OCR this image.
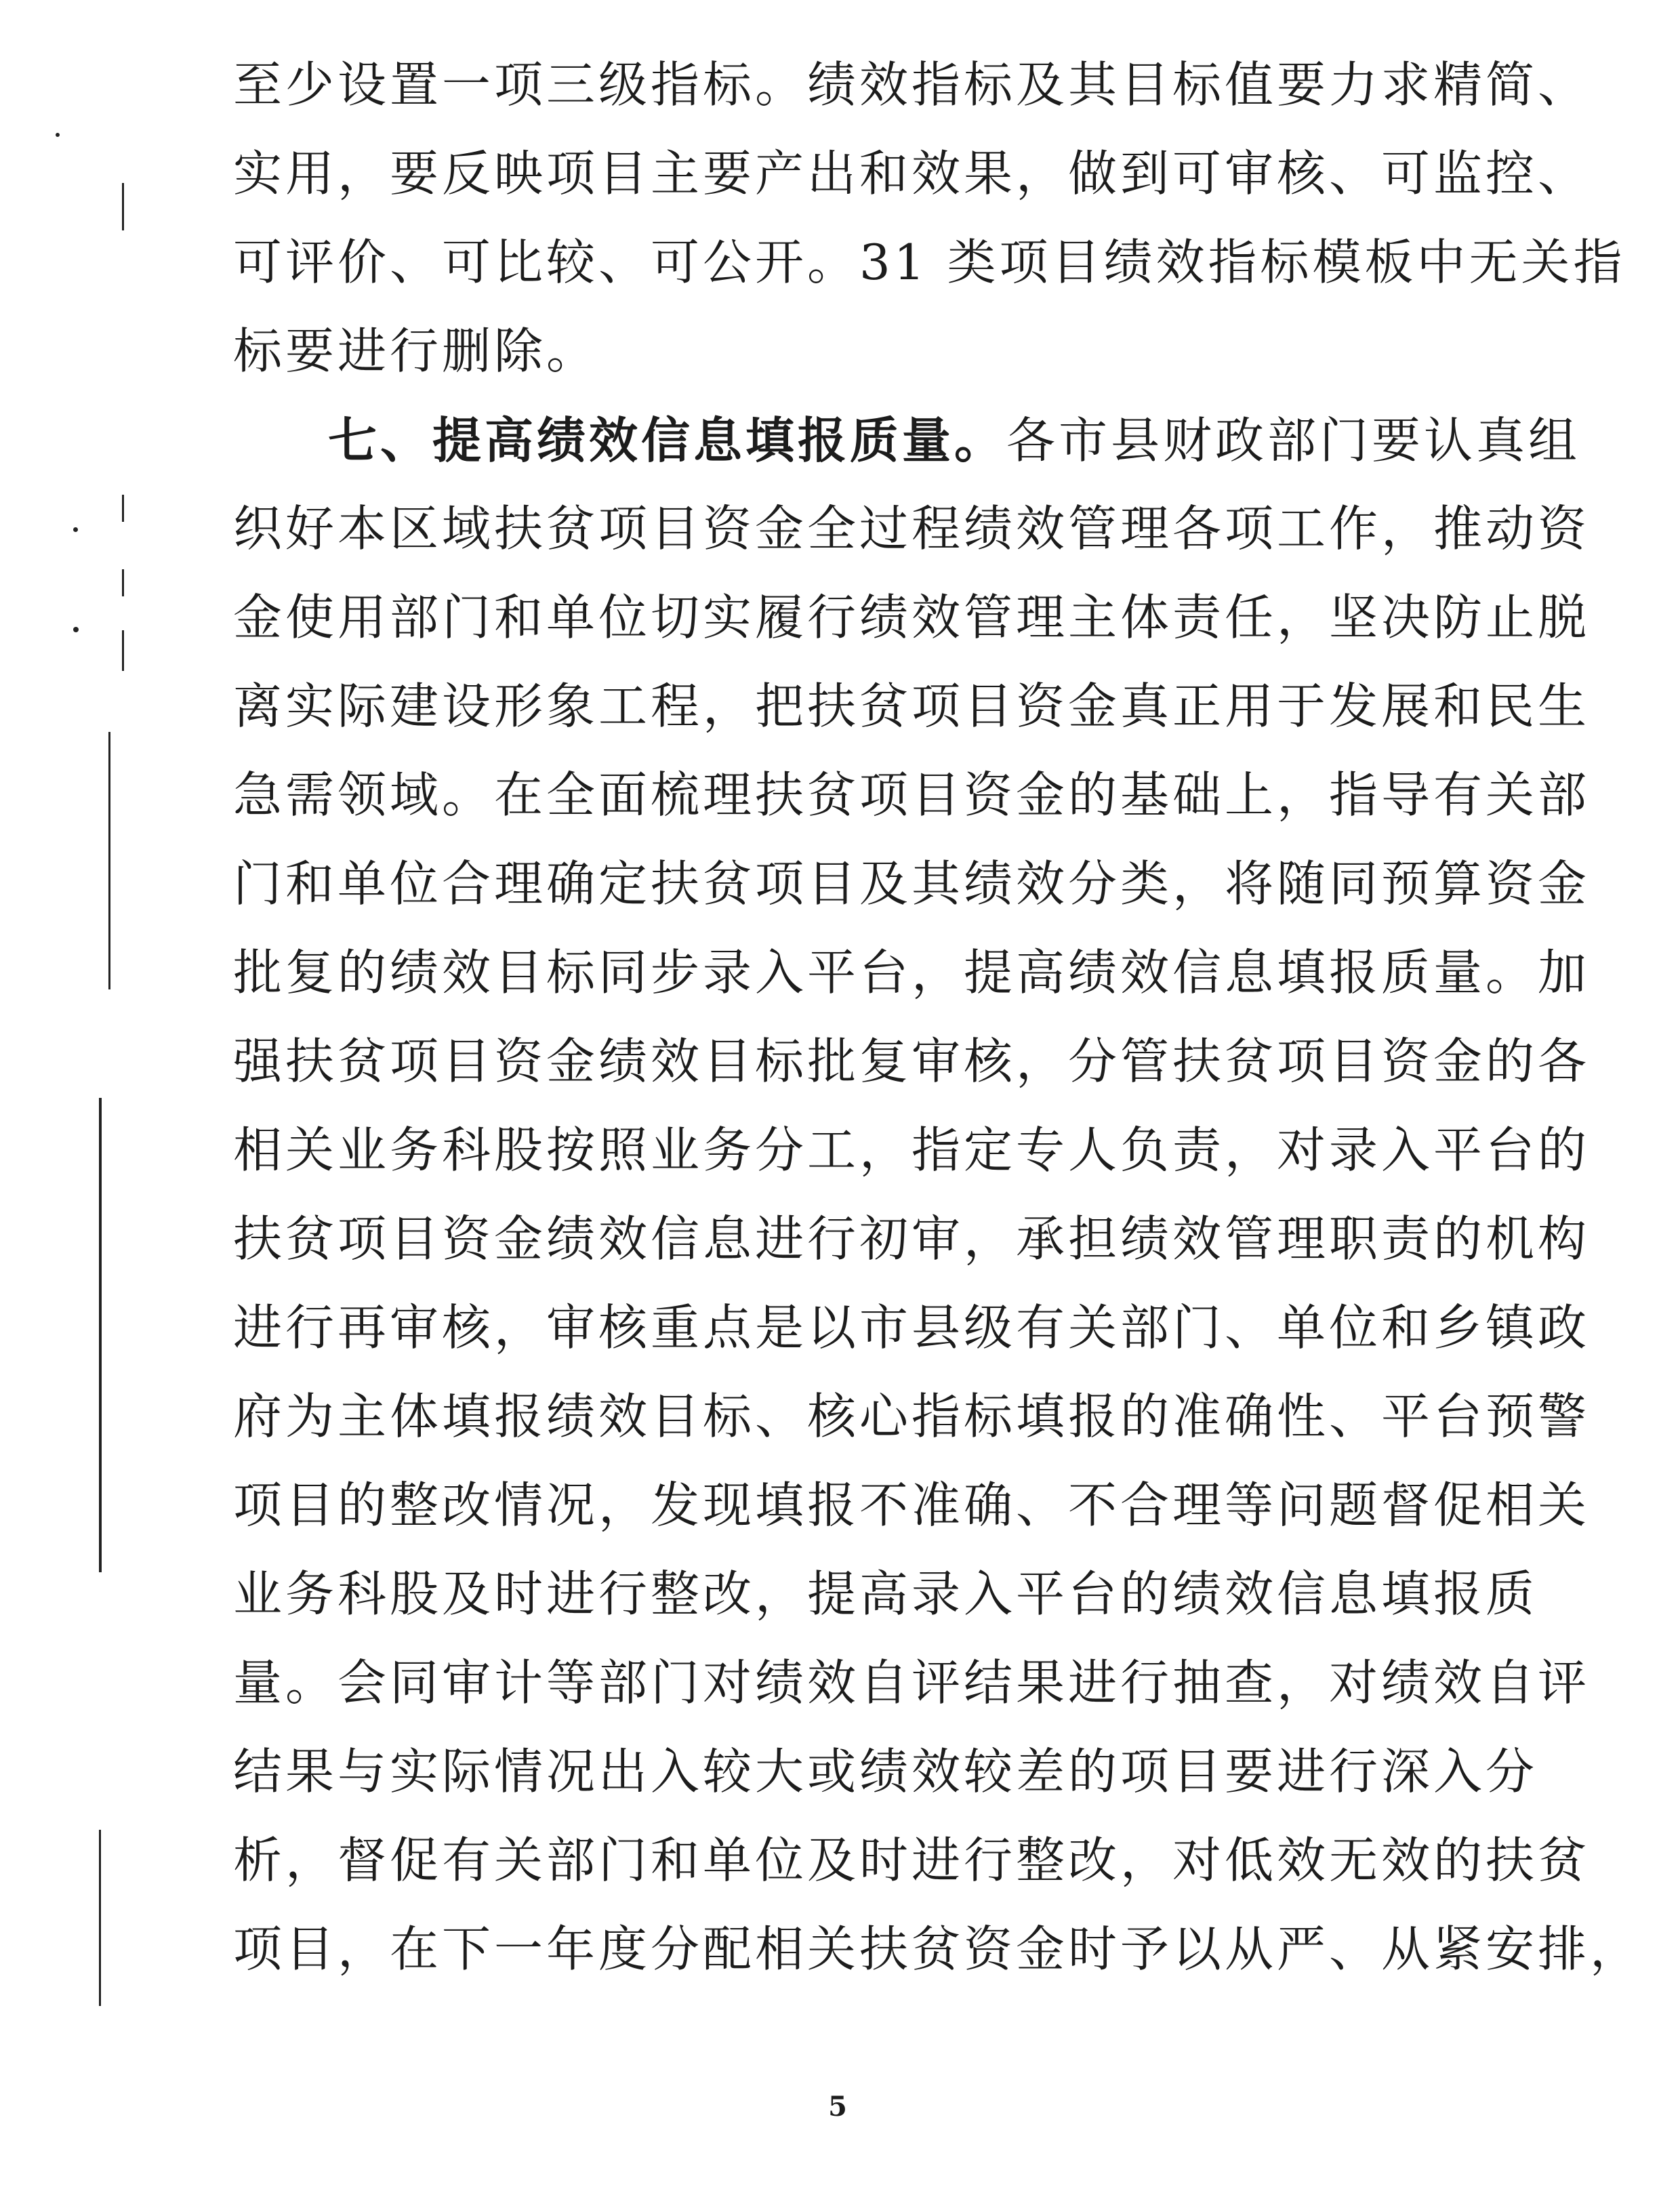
至少设置一项三级指标。绩效指标及其目标值要力求精简、
实用，要反映项目主要产出和效果，做到可审核、可监控、
可评价、可比较、可公开。31 类项目绩效指标模板中无关指
标要进行删除。
七、提高绩效信息填报质量。各市县财政部门要认真组
织好本区域扶贫项目资金全过程绩效管理各项工作，推动资
金使用部门和单位切实履行绩效管理主体责任，坚决防止脱
离实际建设形象工程，把扶贫项目资金真正用于发展和民生
急需领域。在全面梳理扶贫项目资金的基础上，指导有关部
门和单位合理确定扶贫项目及其绩效分类，将随同预算资金
批复的绩效目标同步录入平台，提高绩效信息填报质量。加
强扶贫项目资金绩效目标批复审核，分管扶贫项目资金的各
相关业务科股按照业务分工，指定专人负责，对录入平台的
扶贫项目资金绩效信息进行初审，承担绩效管理职责的机构
进行再审核，审核重点是以市县级有关部门、单位和乡镇政
府为主体填报绩效目标、核心指标填报的准确性、平台预警
项目的整改情况，发现填报不准确、不合理等问题督促相关
业务科股及时进行整改，提高录入平台的绩效信息填报质
量。会同审计等部门对绩效自评结果进行抽查，对绩效自评
结果与实际情况出入较大或绩效较差的项目要进行深入分
析，督促有关部门和单位及时进行整改，对低效无效的扶贫
项目，在下一年度分配相关扶贫资金时予以从严、从紧安排，
5
